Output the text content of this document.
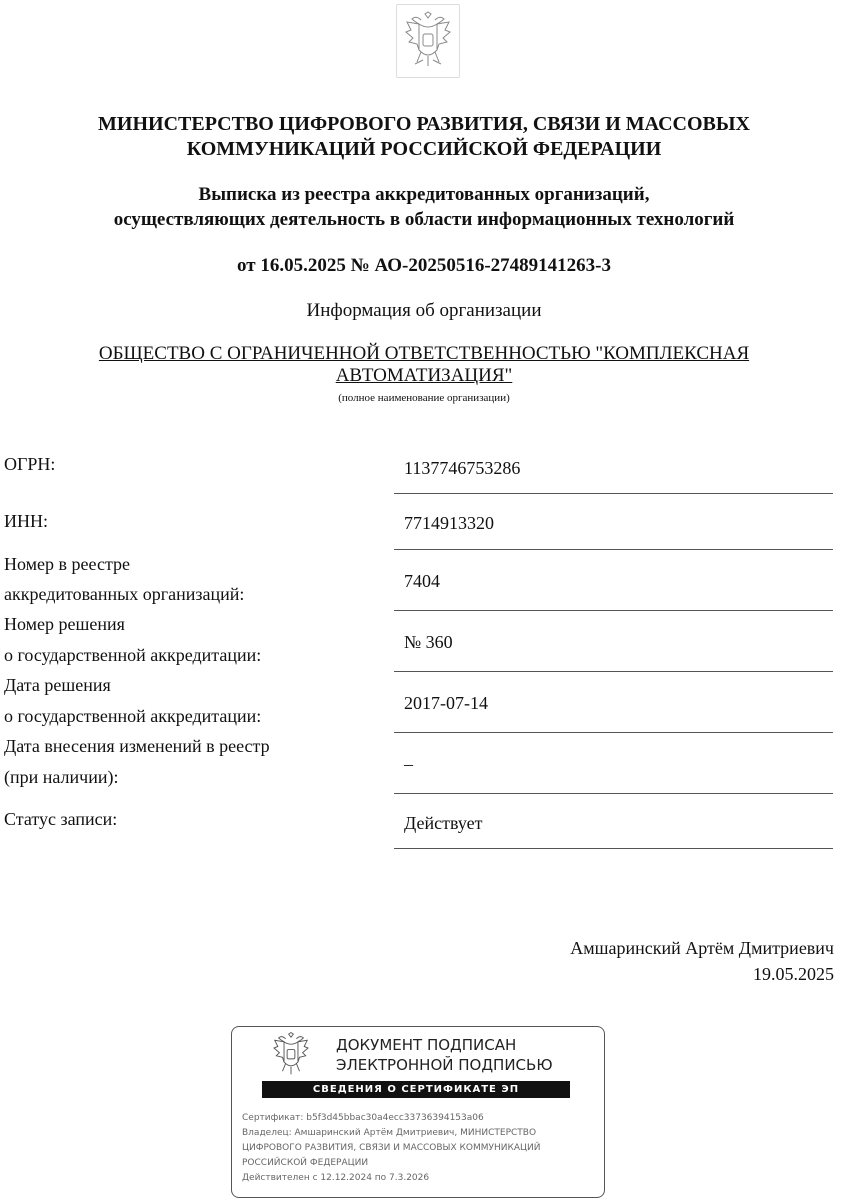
МИНИСТЕРСТВО ЦИФРОВОГО РАЗВИТИЯ, СВЯЗИ И МАССОВЫХ
КОММУНИКАЦИЙ РОССИЙСКОЙ ФЕДЕРАЦИИ
Выписка из реестра аккредитованных организаций,
осуществляющих деятельность в области информационных технологий
от 16.05.2025 № АО-20250516-27489141263-3
Информация об организации
ОБЩЕСТВО С ОГРАНИЧЕННОЙ ОТВЕТСТВЕННОСТЬЮ "КОМПЛЕКСНАЯ АВТОМАТИЗАЦИЯ"
(полное наименование организации)
ОГРН:	1137746753286
ИНН:	7714913320
Номер в реестре
аккредитованных организаций:
7404
Номер решения
о государственной аккредитации:
№ 360
Дата решения
о государственной аккредитации:
2017-07-14
Дата внесения изменений в реестр
(при наличии):
–
Статус записи:	Действует
Амшаринский Артём Дмитриевич
19.05.2025
ДОКУМЕНТ ПОДПИСАН
ЭЛЕКТРОННОЙ ПОДПИСЬЮ
СВЕДЕНИЯ О СЕРТИФИКАТЕ ЭП
Сертификат: b5f3d45bbac30a4ecc33736394153a06
Владелец: Амшаринский Артём Дмитриевич, МИНИСТЕРСТВО
ЦИФРОВОГО РАЗВИТИЯ, СВЯЗИ И МАССОВЫХ КОММУНИКАЦИЙ
РОССИЙСКОЙ ФЕДЕРАЦИИ
Действителен с 12.12.2024 по 7.3.2026
